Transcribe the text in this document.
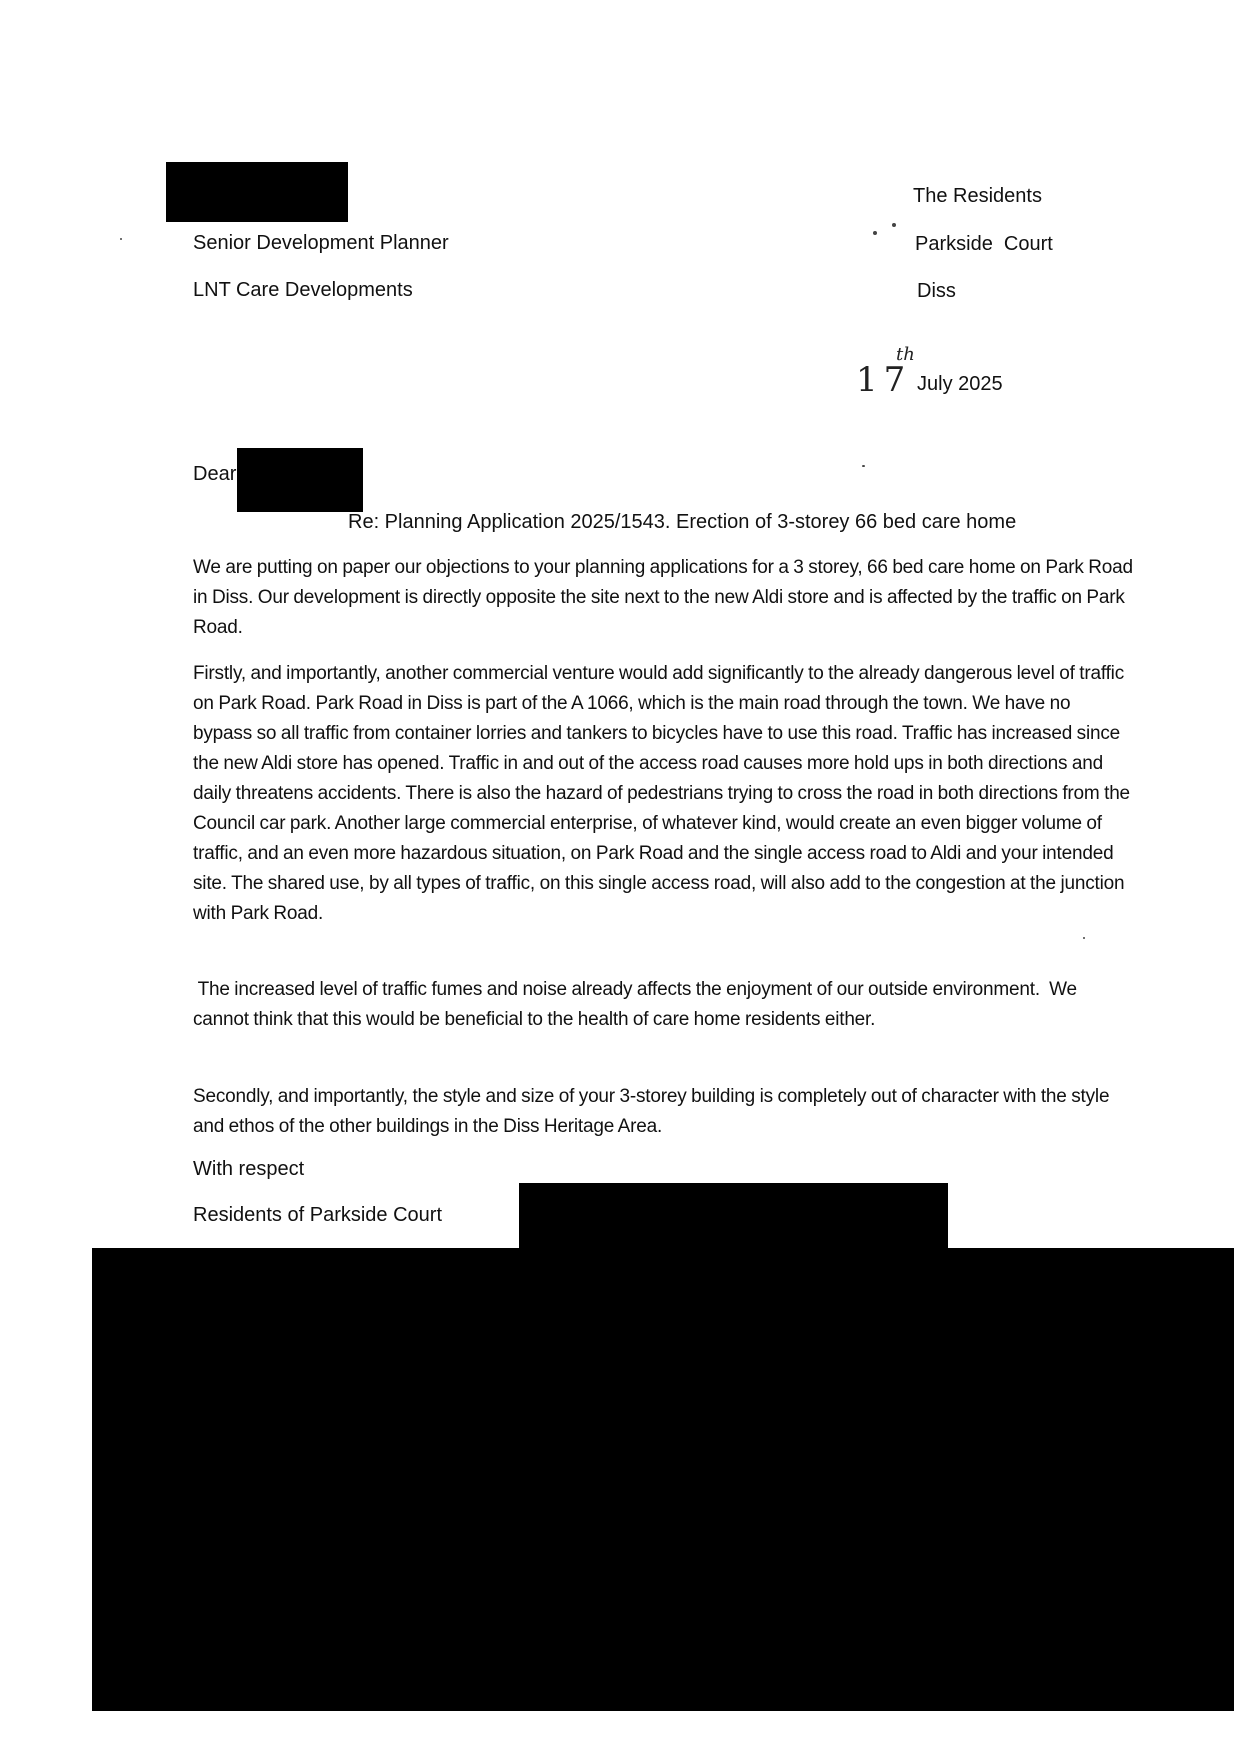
Senior Development Planner
LNT Care Developments
The Residents
Parkside  Court
Diss
17
th
July 2025
Dear
Re: Planning Application 2025/1543. Erection of 3-storey 66 bed care home
We are putting on paper our objections to your planning applications for a 3 storey, 66 bed care home on Park Road in Diss. Our development is directly opposite the site next to the new Aldi store and is affected by the traffic on Park Road.
Firstly, and importantly, another commercial venture would add significantly to the already dangerous level of traffic on Park Road. Park Road in Diss is part of the A 1066, which is the main road through the town. We have no bypass so all traffic from container lorries and tankers to bicycles have to use this road. Traffic has increased since the new Aldi store has opened. Traffic in and out of the access road causes more hold ups in both directions and daily threatens accidents. There is also the hazard of pedestrians trying to cross the road in both directions from the Council car park. Another large commercial enterprise, of whatever kind, would create an even bigger volume of traffic, and an even more hazardous situation, on Park Road and the single access road to Aldi and your intended site. The shared use, by all types of traffic, on this single access road, will also add to the congestion at the junction with Park Road.
The increased level of traffic fumes and noise already affects the enjoyment of our outside environment.  We cannot think that this would be beneficial to the health of care home residents either.
Secondly, and importantly, the style and size of your 3-storey building is completely out of character with the style and ethos of the other buildings in the Diss Heritage Area.
With respect
Residents of Parkside Court
